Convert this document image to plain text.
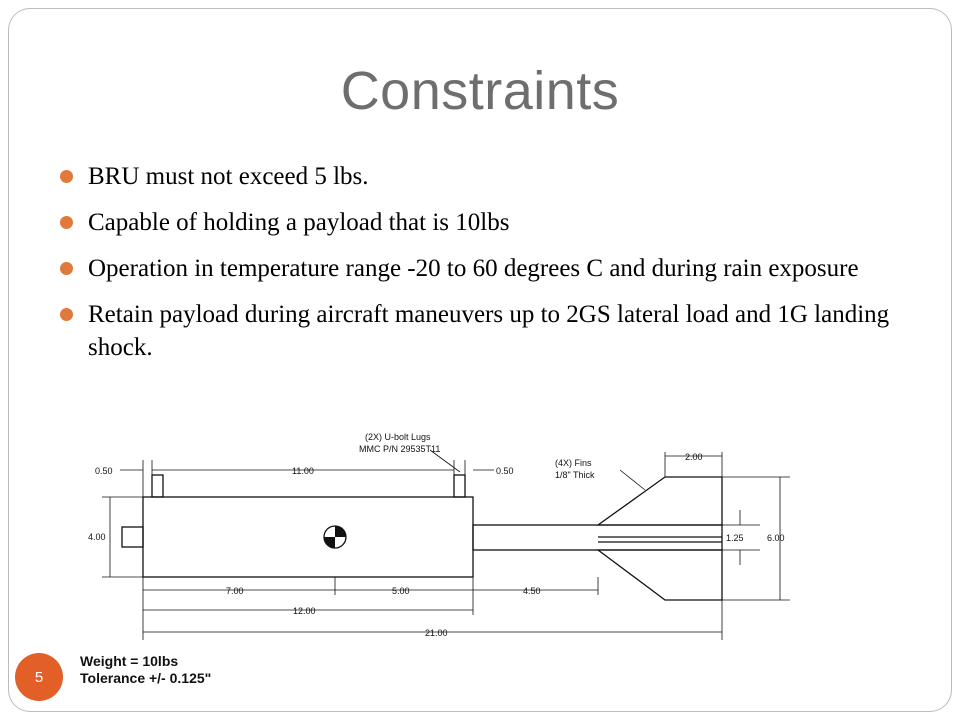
Constraints
BRU must not exceed 5 lbs.
Capable of holding a payload that is 10lbs
Operation in temperature range -20 to 60 degrees C and during rain exposure
Retain payload during aircraft maneuvers up to 2GS lateral load and 1G landing shock.
(2X) U-bolt Lugs
MMC P/N 29535T11
(4X) Fins
1/8" Thick
0.50	11.00	0.50
2.00
4.00	1.25	6.00
7.00	5.00	4.50
12.00
21.00
Weight = 10lbs
Tolerance +/- 0.125"
5
